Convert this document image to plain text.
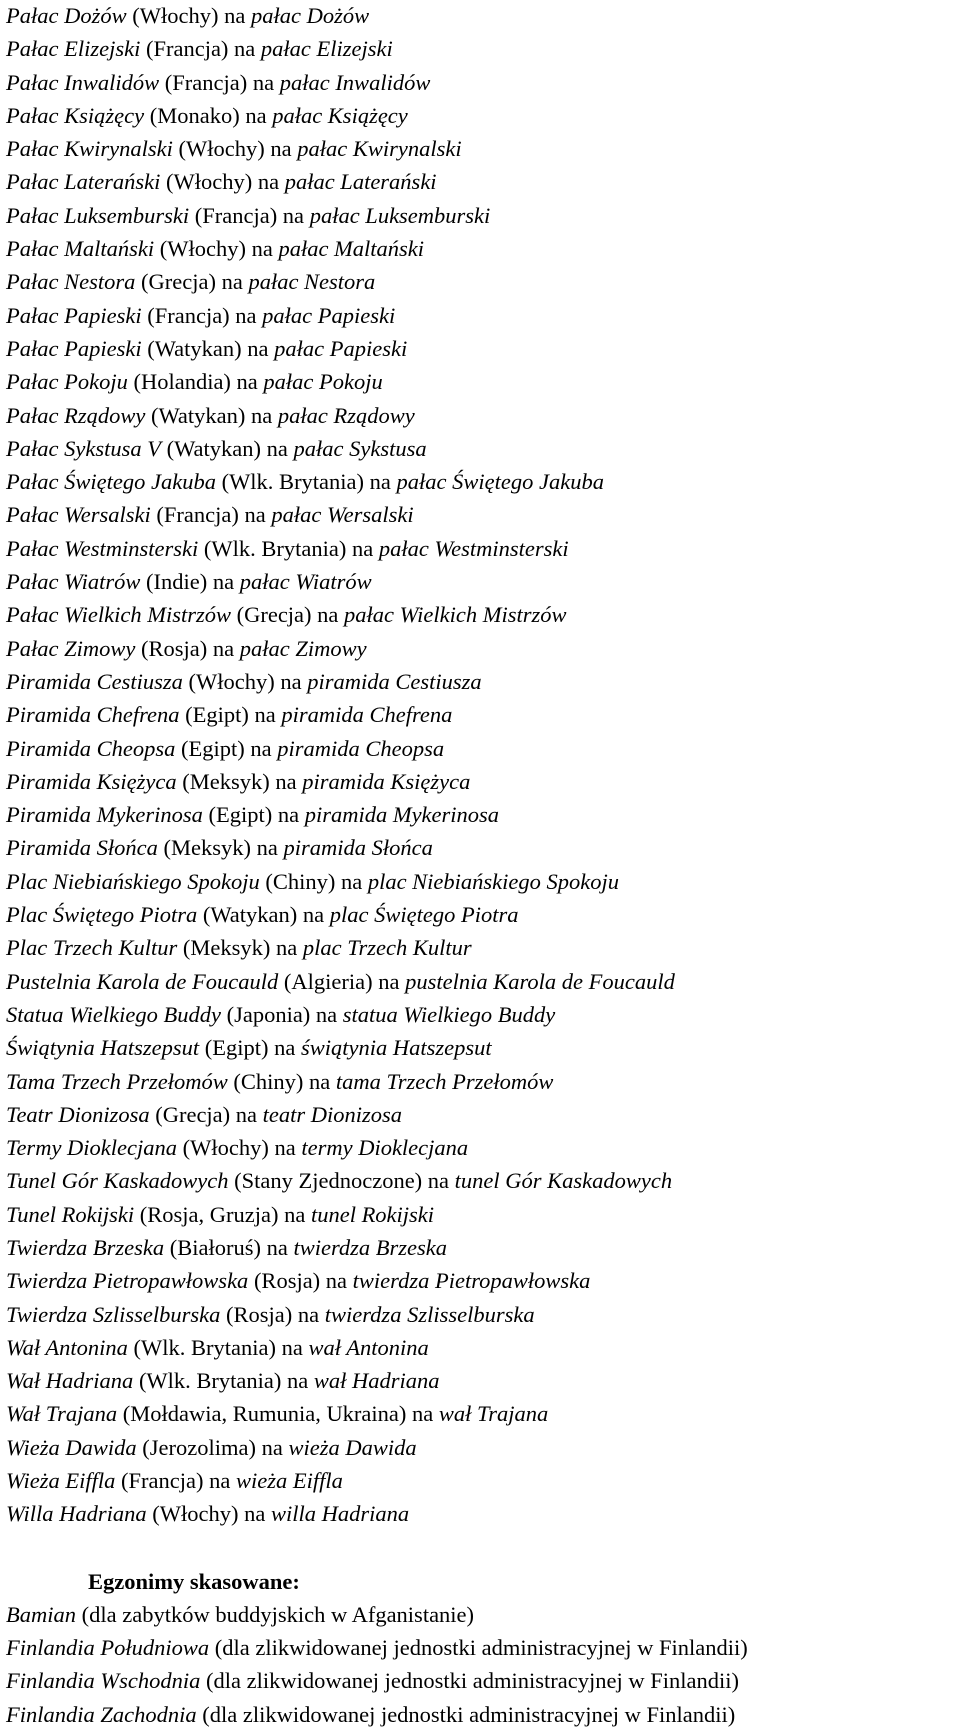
Pałac Dożów (Włochy) na pałac Dożów
Pałac Elizejski (Francja) na pałac Elizejski
Pałac Inwalidów (Francja) na pałac Inwalidów
Pałac Książęcy (Monako) na pałac Książęcy
Pałac Kwirynalski (Włochy) na pałac Kwirynalski
Pałac Laterański (Włochy) na pałac Laterański
Pałac Luksemburski (Francja) na pałac Luksemburski
Pałac Maltański (Włochy) na pałac Maltański
Pałac Nestora (Grecja) na pałac Nestora
Pałac Papieski (Francja) na pałac Papieski
Pałac Papieski (Watykan) na pałac Papieski
Pałac Pokoju (Holandia) na pałac Pokoju
Pałac Rządowy (Watykan) na pałac Rządowy
Pałac Sykstusa V (Watykan) na pałac Sykstusa
Pałac Świętego Jakuba (Wlk. Brytania) na pałac Świętego Jakuba
Pałac Wersalski (Francja) na pałac Wersalski
Pałac Westminsterski (Wlk. Brytania) na pałac Westminsterski
Pałac Wiatrów (Indie) na pałac Wiatrów
Pałac Wielkich Mistrzów (Grecja) na pałac Wielkich Mistrzów
Pałac Zimowy (Rosja) na pałac Zimowy
Piramida Cestiusza (Włochy) na piramida Cestiusza
Piramida Chefrena (Egipt) na piramida Chefrena
Piramida Cheopsa (Egipt) na piramida Cheopsa
Piramida Księżyca (Meksyk) na piramida Księżyca
Piramida Mykerinosa (Egipt) na piramida Mykerinosa
Piramida Słońca (Meksyk) na piramida Słońca
Plac Niebiańskiego Spokoju (Chiny) na plac Niebiańskiego Spokoju
Plac Świętego Piotra (Watykan) na plac Świętego Piotra
Plac Trzech Kultur (Meksyk) na plac Trzech Kultur
Pustelnia Karola de Foucauld (Algieria) na pustelnia Karola de Foucauld
Statua Wielkiego Buddy (Japonia) na statua Wielkiego Buddy
Świątynia Hatszepsut (Egipt) na świątynia Hatszepsut
Tama Trzech Przełomów (Chiny) na tama Trzech Przełomów
Teatr Dionizosa (Grecja) na teatr Dionizosa
Termy Dioklecjana (Włochy) na termy Dioklecjana
Tunel Gór Kaskadowych (Stany Zjednoczone) na tunel Gór Kaskadowych
Tunel Rokijski (Rosja, Gruzja) na tunel Rokijski
Twierdza Brzeska (Białoruś) na twierdza Brzeska
Twierdza Pietropawłowska (Rosja) na twierdza Pietropawłowska
Twierdza Szlisselburska (Rosja) na twierdza Szlisselburska
Wał Antonina (Wlk. Brytania) na wał Antonina
Wał Hadriana (Wlk. Brytania) na wał Hadriana
Wał Trajana (Mołdawia, Rumunia, Ukraina) na wał Trajana
Wieża Dawida (Jerozolima) na wieża Dawida
Wieża Eiffla (Francja) na wieża Eiffla
Willa Hadriana (Włochy) na willa Hadriana
Egzonimy skasowane:
Bamian (dla zabytków buddyjskich w Afganistanie)
Finlandia Południowa (dla zlikwidowanej jednostki administracyjnej w Finlandii)
Finlandia Wschodnia (dla zlikwidowanej jednostki administracyjnej w Finlandii)
Finlandia Zachodnia (dla zlikwidowanej jednostki administracyjnej w Finlandii)
